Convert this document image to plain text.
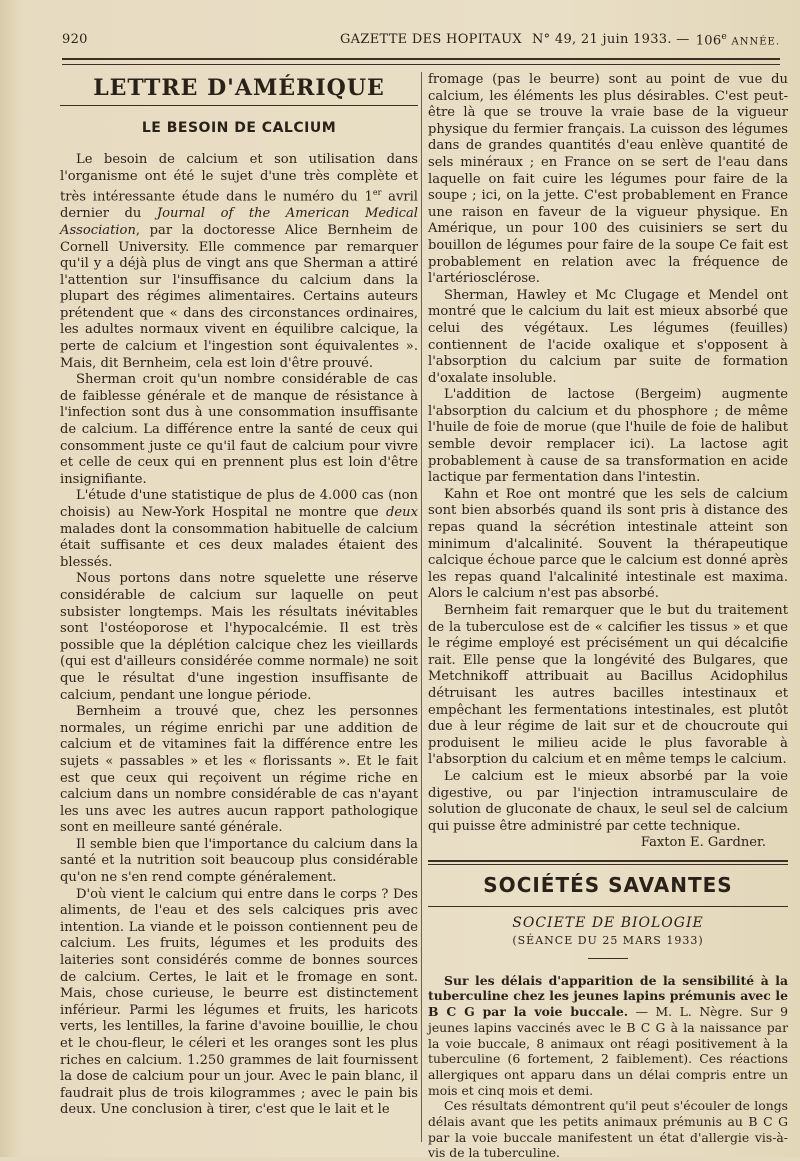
920	GAZETTE DES HOPITAUX N° 49, 21 juin 1933. — 106e ANNÉE.
LETTRE D'AMÉRIQUE
LE BESOIN DE CALCIUM

Le besoin de calcium et son utilisation dans l'organisme ont été le sujet d'une très complète et très intéressante étude dans le numéro du 1er avril dernier du Journal of the American Medical Association, par la doctoresse Alice Bernheim de Cornell University. Elle commence par remarquer qu'il y a déjà plus de vingt ans que Sherman a attiré l'attention sur l'insuffisance du calcium dans la plupart des régimes alimentaires. Certains auteurs prétendent que « dans des circonstances ordinaires, les adultes normaux vivent en équilibre calcique, la perte de calcium et l'ingestion sont équivalentes ». Mais, dit Bernheim, cela est loin d'être prouvé.

Sherman croit qu'un nombre considérable de cas de faiblesse générale et de manque de résistance à l'infection sont dus à une consommation insuffisante de calcium. La différence entre la santé de ceux qui consomment juste ce qu'il faut de calcium pour vivre et celle de ceux qui en prennent plus est loin d'être insignifiante.

L'étude d'une statistique de plus de 4.000 cas (non choisis) au New-York Hospital ne montre que deux malades dont la consommation habituelle de calcium était suffisante et ces deux malades étaient des blessés.

Nous portons dans notre squelette une réserve considérable de calcium sur laquelle on peut subsister longtemps. Mais les résultats inévitables sont l'ostéoporose et l'hypocalcémie. Il est très possible que la déplétion calcique chez les vieillards (qui est d'ailleurs considérée comme normale) ne soit que le résultat d'une ingestion insuffisante de calcium, pendant une longue période.

Bernheim a trouvé que, chez les personnes normales, un régime enrichi par une addition de calcium et de vitamines fait la différence entre les sujets « passables » et les « florissants ». Et le fait est que ceux qui reçoivent un régime riche en calcium dans un nombre considérable de cas n'ayant les uns avec les autres aucun rapport pathologique sont en meilleure santé générale.

Il semble bien que l'importance du calcium dans la santé et la nutrition soit beaucoup plus considérable qu'on ne s'en rend compte généralement.

D'où vient le calcium qui entre dans le corps ? Des aliments, de l'eau et des sels calciques pris avec intention. La viande et le poisson contiennent peu de calcium. Les fruits, légumes et les produits des laiteries sont considérés comme de bonnes sources de calcium. Certes, le lait et le fromage en sont. Mais, chose curieuse, le beurre est distinctement inférieur. Parmi les légumes et fruits, les haricots verts, les lentilles, la farine d'avoine bouillie, le chou et le chou-fleur, le céleri et les oranges sont les plus riches en calcium. 1.250 grammes de lait fournissent la dose de calcium pour un jour. Avec le pain blanc, il faudrait plus de trois kilogrammes ; avec le pain bis deux. Une conclusion à tirer, c'est que le lait et le

fromage (pas le beurre) sont au point de vue du calcium, les éléments les plus désirables. C'est peut-être là que se trouve la vraie base de la vigueur physique du fermier français. La cuisson des légumes dans de grandes quantités d'eau enlève quantité de sels minéraux ; en France on se sert de l'eau dans laquelle on fait cuire les légumes pour faire de la soupe ; ici, on la jette. C'est probablement en France une raison en faveur de la vigueur physique. En Amérique, un pour 100 des cuisiniers se sert du bouillon de légumes pour faire de la soupe Ce fait est probablement en relation avec la fréquence de l'artériosclérose.

Sherman, Hawley et Mc Clugage et Mendel ont montré que le calcium du lait est mieux absorbé que celui des végétaux. Les légumes (feuilles) contiennent de l'acide oxalique et s'opposent à l'absorption du calcium par suite de formation d'oxalate insoluble.

L'addition de lactose (Bergeim) augmente l'absorption du calcium et du phosphore ; de même l'huile de foie de morue (que l'huile de foie de halibut semble devoir remplacer ici). La lactose agit probablement à cause de sa transformation en acide lactique par fermentation dans l'intestin.

Kahn et Roe ont montré que les sels de calcium sont bien absorbés quand ils sont pris à distance des repas quand la sécrétion intestinale atteint son minimum d'alcalinité. Souvent la thérapeutique calcique échoue parce que le calcium est donné après les repas quand l'alcalinité intestinale est maxima. Alors le calcium n'est pas absorbé.

Bernheim fait remarquer que le but du traitement de la tuberculose est de « calcifier les tissus » et que le régime employé est précisément un qui décalcifie rait. Elle pense que la longévité des Bulgares, que Metchnikoff attribuait au Bacillus Acidophilus détruisant les autres bacilles intestinaux et empêchant les fermentations intestinales, est plutôt due à leur régime de lait sur et de choucroute qui produisent le milieu acide le plus favorable à l'absorption du calcium et en même temps le calcium.

Le calcium est le mieux absorbé par la voie digestive, ou par l'injection intramusculaire de solution de gluconate de chaux, le seul sel de calcium qui puisse être administré par cette technique.

Faxton E. Gardner.

SOCIÉTÉS SAVANTES
SOCIETE DE BIOLOGIE
(SÉANCE DU 25 MARS 1933)

Sur les délais d'apparition de la sensibilité à la tuberculine chez les jeunes lapins prémunis avec le B C G par la voie buccale. — M. L. Nègre. Sur 9 jeunes lapins vaccinés avec le B C G à la naissance par la voie buccale, 8 animaux ont réagi positivement à la tuberculine (6 fortement, 2 faiblement). Ces réactions allergiques ont apparu dans un délai compris entre un mois et cinq mois et demi.

Ces résultats démontrent qu'il peut s'écouler de longs délais avant que les petits animaux prémunis au B C G par la voie buccale manifestent un état d'allergie vis-à-vis de la tuberculine.
